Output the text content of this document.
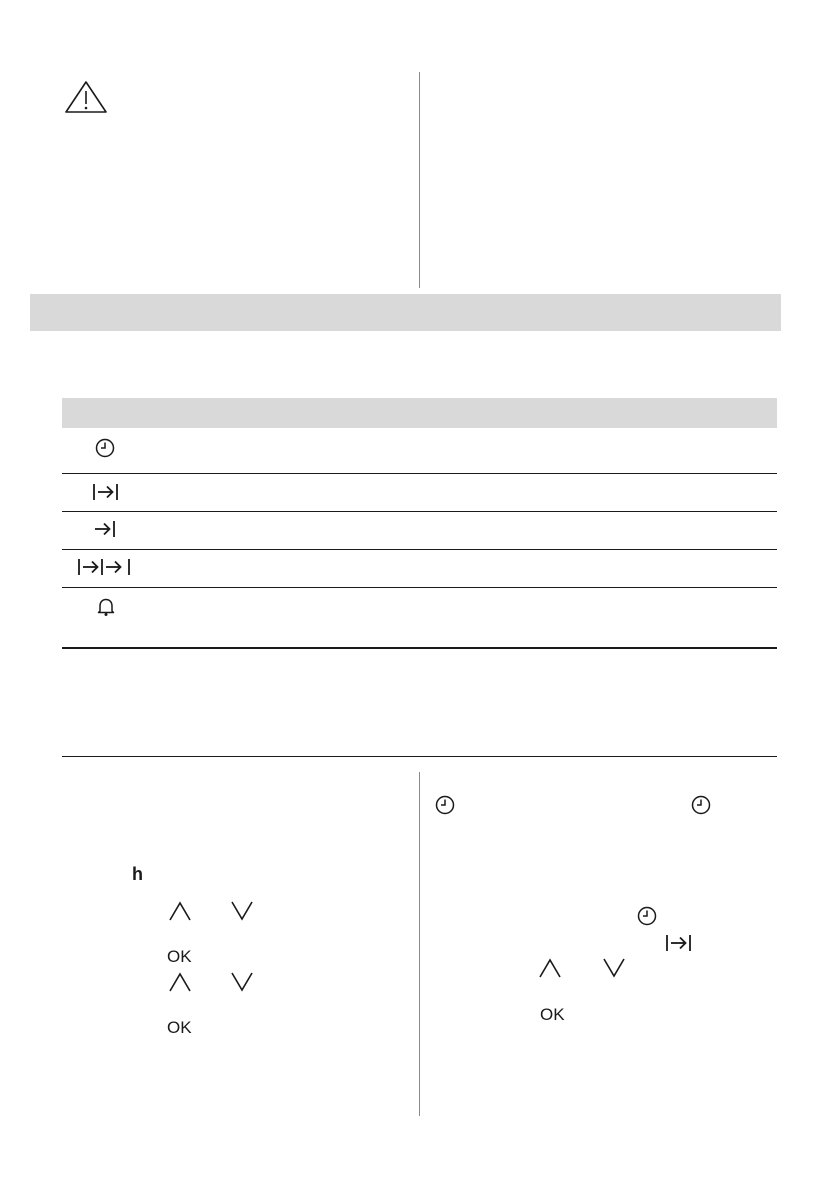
h
OK
OK
OK
